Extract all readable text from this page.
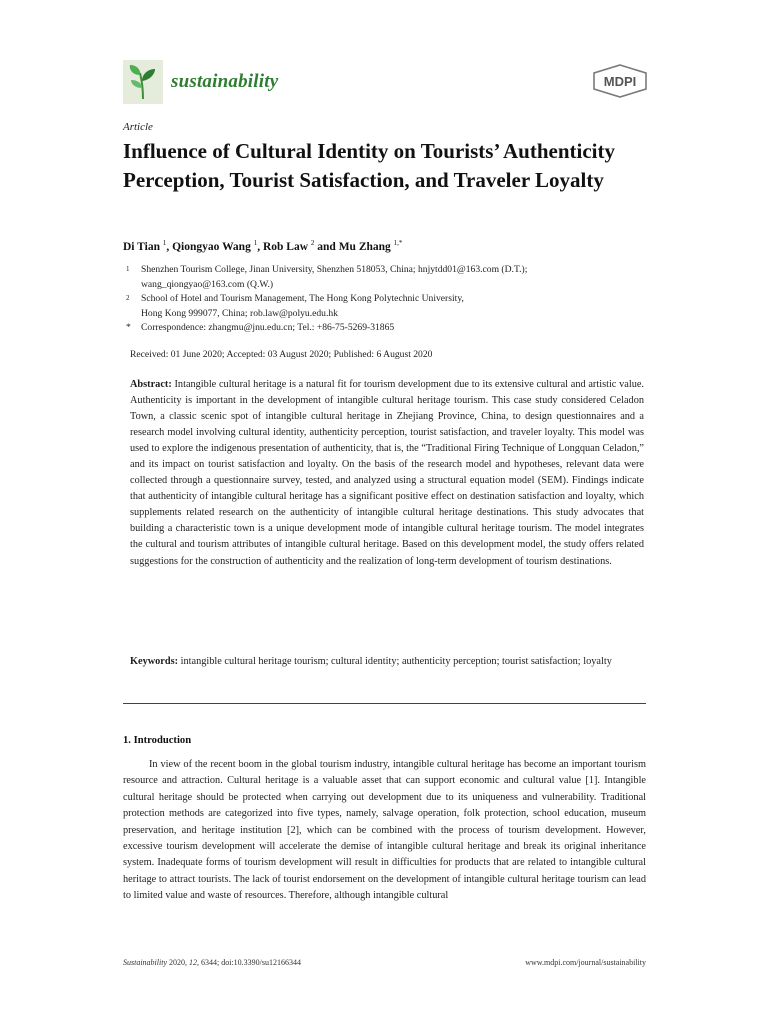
sustainability	MDPI
Article
Influence of Cultural Identity on Tourists’ Authenticity Perception, Tourist Satisfaction, and Traveler Loyalty
Di Tian $^1$, Qiongyao Wang $^1$, Rob Law $^2$ and Mu Zhang $^{1,*}$
1	Shenzhen Tourism College, Jinan University, Shenzhen 518053, China; hnjytdd01@163.com (D.T.);
wang_qiongyao@163.com (Q.W.)
2	School of Hotel and Tourism Management, The Hong Kong Polytechnic University,
Hong Kong 999077, China; rob.law@polyu.edu.hk
*	Correspondence: zhangmu@jnu.edu.cn; Tel.: +86-75-5269-31865
Received: 01 June 2020; Accepted: 03 August 2020; Published: 6 August 2020
Abstract: Intangible cultural heritage is a natural fit for tourism development due to its extensive cultural and artistic value. Authenticity is important in the development of intangible cultural heritage tourism. This case study considered Celadon Town, a classic scenic spot of intangible cultural heritage in Zhejiang Province, China, to design questionnaires and a research model involving cultural identity, authenticity perception, tourist satisfaction, and traveler loyalty. This model was used to explore the indigenous presentation of authenticity, that is, the “Traditional Firing Technique of Longquan Celadon,” and its impact on tourist satisfaction and loyalty. On the basis of the research model and hypotheses, relevant data were collected through a questionnaire survey, tested, and analyzed using a structural equation model (SEM). Findings indicate that authenticity of intangible cultural heritage has a significant positive effect on destination satisfaction and loyalty, which supplements related research on the authenticity of intangible cultural heritage destinations. This study advocates that building a characteristic town is a unique development mode of intangible cultural heritage tourism. The model integrates the cultural and tourism attributes of intangible cultural heritage. Based on this development model, the study offers related suggestions for the construction of authenticity and the realization of long-term development of tourism destinations.
Keywords: intangible cultural heritage tourism; cultural identity; authenticity perception; tourist satisfaction; loyalty
1. Introduction
In view of the recent boom in the global tourism industry, intangible cultural heritage has become an important tourism resource and attraction. Cultural heritage is a valuable asset that can support economic and cultural value [1]. Intangible cultural heritage should be protected when carrying out development due to its uniqueness and vulnerability. Traditional protection methods are categorized into five types, namely, salvage operation, folk protection, school education, museum preservation, and heritage institution [2], which can be combined with the process of tourism development. However, excessive tourism development will accelerate the demise of intangible cultural heritage and break its original inheritance system. Inadequate forms of tourism development will result in difficulties for products that are related to intangible cultural heritage to attract tourists. The lack of tourist endorsement on the development of intangible cultural heritage tourism can lead to limited value and waste of resources. Therefore, although intangible cultural
Sustainability 2020, 12, 6344; doi:10.3390/su12166344	www.mdpi.com/journal/sustainability
